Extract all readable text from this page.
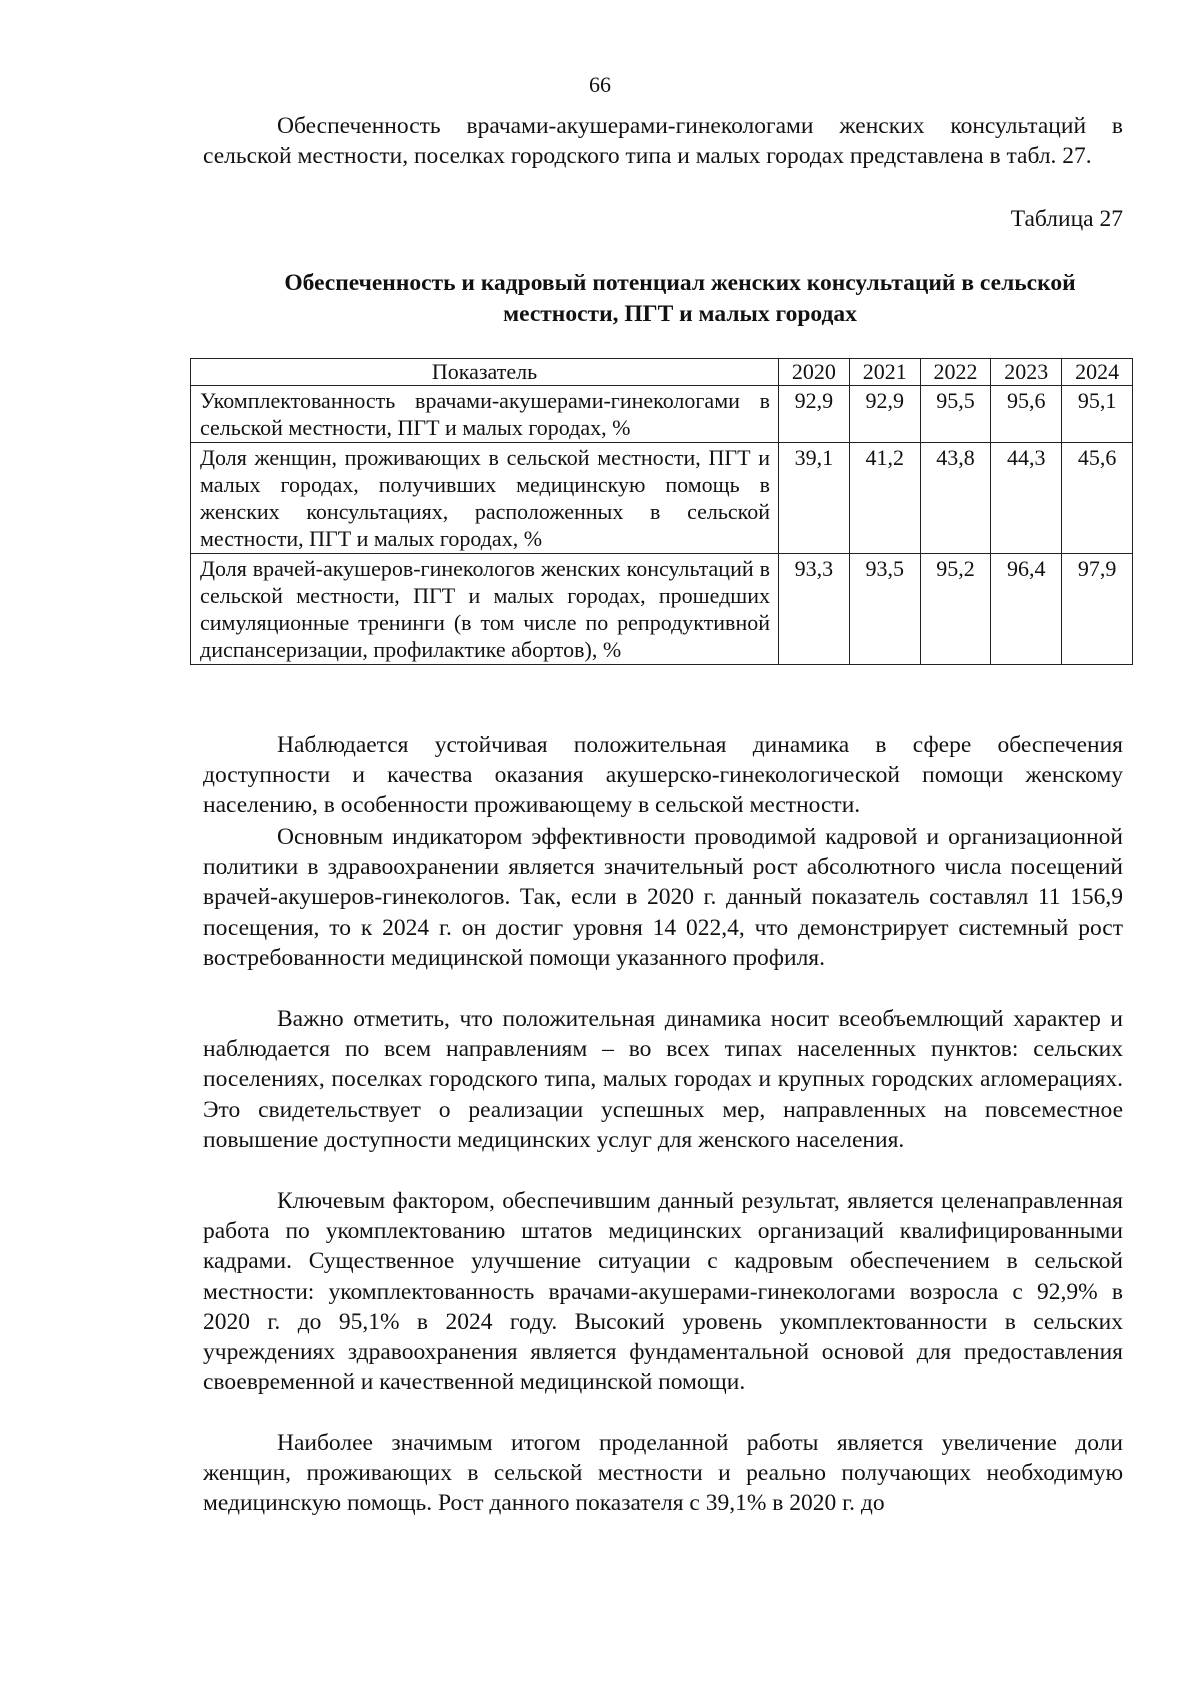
66

Обеспеченность врачами-акушерами-гинекологами женских консультаций в сельской местности, поселках городского типа и малых городах представлена в табл. 27.

Таблица 27
Обеспеченность и кадровый потенциал женских консультаций в сельской местности, ПГТ и малых городах
Показатель	2020	2021	2022	2023	2024
Укомплектованность врачами-акушерами-гинекологами в сельской местности, ПГТ и малых городах, %	92,9	92,9	95,5	95,6	95,1
Доля женщин, проживающих в сельской местности, ПГТ и малых городах, получивших медицинскую помощь в женских консультациях, расположенных в сельской местности, ПГТ и малых городах, %	39,1	41,2	43,8	44,3	45,6
Доля врачей-акушеров-гинекологов женских консультаций в сельской местности, ПГТ и малых городах, прошедших симуляционные тренинги (в том числе по репродуктивной диспансеризации, профилактике абортов), %	93,3	93,5	95,2	96,4	97,9

Наблюдается устойчивая положительная динамика в сфере обеспечения доступности и качества оказания акушерско-гинекологической помощи женскому населению, в особенности проживающему в сельской местности.

Основным индикатором эффективности проводимой кадровой и организационной политики в здравоохранении является значительный рост абсолютного числа посещений врачей-акушеров-гинекологов. Так, если в 2020 г. данный показатель составлял 11 156,9 посещения, то к 2024 г. он достиг уровня 14 022,4, что демонстрирует системный рост востребованности медицинской помощи указанного профиля.

Важно отметить, что положительная динамика носит всеобъемлющий характер и наблюдается по всем направлениям – во всех типах населенных пунктов: сельских поселениях, поселках городского типа, малых городах и крупных городских агломерациях. Это свидетельствует о реализации успешных мер, направленных на повсеместное повышение доступности медицинских услуг для женского населения.

Ключевым фактором, обеспечившим данный результат, является целенаправленная работа по укомплектованию штатов медицинских организаций квалифицированными кадрами. Существенное улучшение ситуации с кадровым обеспечением в сельской местности: укомплектованность врачами-акушерами-гинекологами возросла с 92,9% в 2020 г. до 95,1% в 2024 году. Высокий уровень укомплектованности в сельских учреждениях здравоохранения является фундаментальной основой для предоставления своевременной и качественной медицинской помощи.

Наиболее значимым итогом проделанной работы является увеличение доли женщин, проживающих в сельской местности и реально получающих необходимую медицинскую помощь. Рост данного показателя с 39,1% в 2020 г. до
